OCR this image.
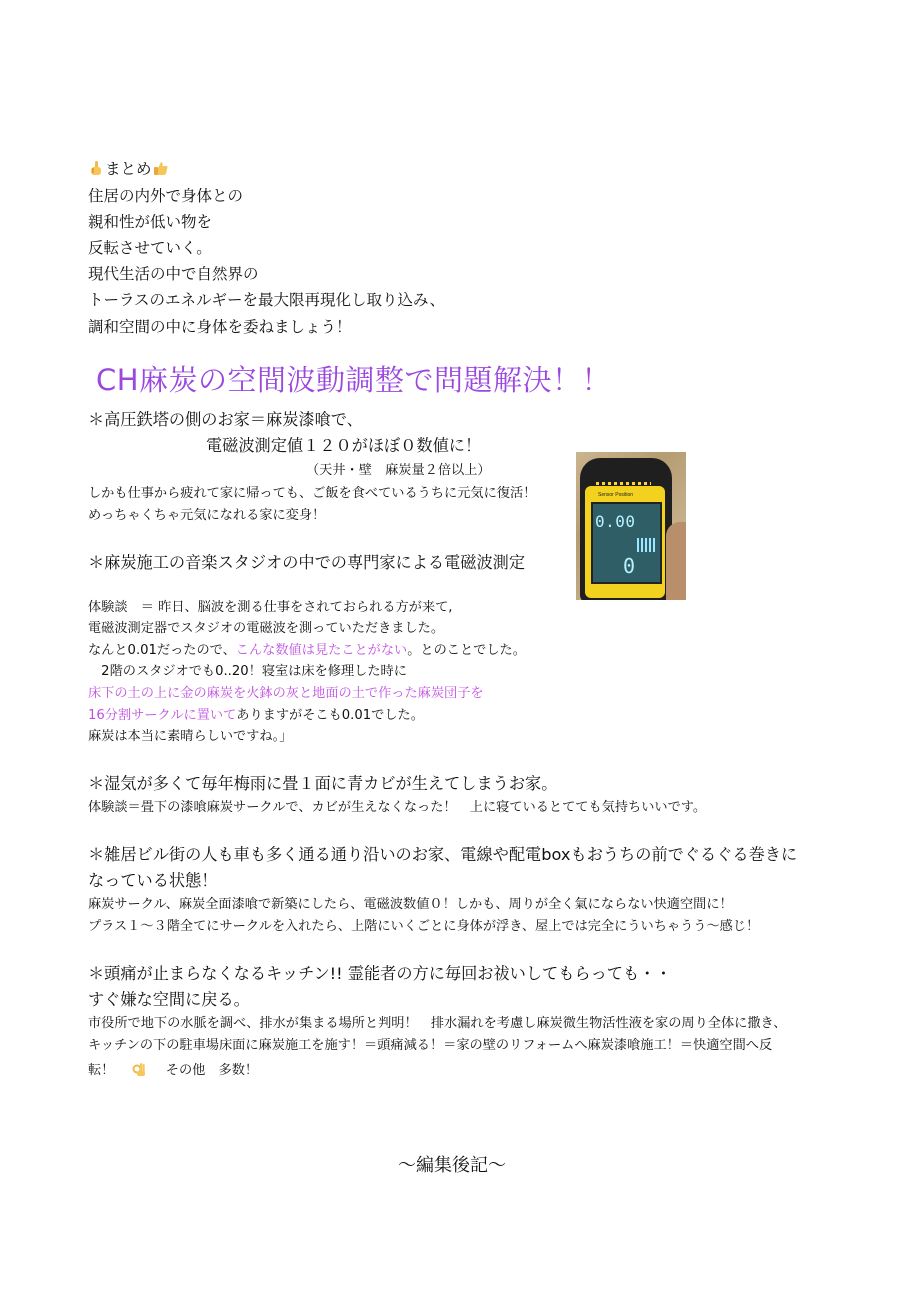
まとめ
住居の内外で身体との
親和性が低い物を
反転させていく。
現代生活の中で自然界の
トーラスのエネルギーを最大限再現化し取り込み、
調和空間の中に身体を委ねましょう！
CH麻炭の空間波動調整で問題解決！！
＊高圧鉄塔の側のお家＝麻炭漆喰で、
電磁波測定値１２０がほぼ０数値に！
（天井・壁　麻炭量２倍以上）
しかも仕事から疲れて家に帰っても、ご飯を食べているうちに元気に復活！
めっちゃくちゃ元気になれる家に変身！
Sensor Position
0.00
0
＊麻炭施工の音楽スタジオの中での専門家による電磁波測定
体験談　＝ 昨日、脳波を測る仕事をされておられる方が来て,
電磁波測定器でスタジオの電磁波を測っていただきました。
なんと0.01だったので、こんな数値は見たことがない。とのことでした。
　2階のスタジオでも0..20！寝室は床を修理した時に
床下の土の上に金の麻炭を火鉢の灰と地面の土で作った麻炭団子を
16分割サークルに置いてありますがそこも0.01でした。
麻炭は本当に素晴らしいですね。」
＊湿気が多くて毎年梅雨に畳１面に青カビが生えてしまうお家。
体験談＝畳下の漆喰麻炭サークルで、カビが生えなくなった！　上に寝ているとてても気持ちいいです。
＊雑居ビル街の人も車も多く通る通り沿いのお家、電線や配電boxもおうちの前でぐるぐる巻きに
なっている状態！
麻炭サークル、麻炭全面漆喰で新築にしたら、電磁波数値０！しかも、周りが全く氣にならない快適空間に！
プラス１〜３階全てにサークルを入れたら、上階にいくごとに身体が浮き、屋上では完全にういちゃうう〜感じ！
＊頭痛が止まらなくなるキッチン!! 霊能者の方に毎回お祓いしてもらっても・・
すぐ嫌な空間に戻る。
市役所で地下の水脈を調べ、排水が集まる場所と判明！　排水漏れを考慮し麻炭微生物活性液を家の周り全体に撒き、
キッチンの下の駐車場床面に麻炭施工を施す！＝頭痛減る！＝家の壁のリフォームへ麻炭漆喰施工！＝快適空間へ反
転！	その他　多数！
〜編集後記〜
